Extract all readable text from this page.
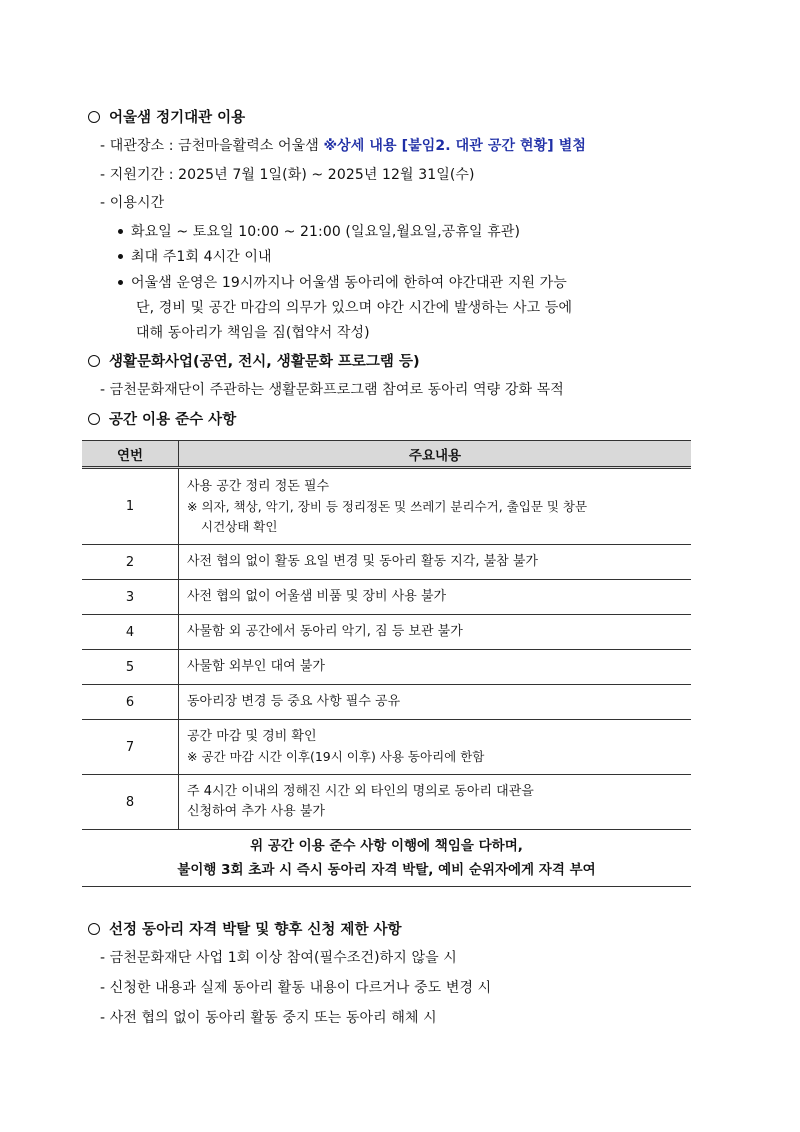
어울샘 정기대관 이용
- 대관장소 : 금천마을활력소 어울샘 ※상세 내용 [붙임2. 대관 공간 현황] 별첨
- 지원기간 : 2025년 7월 1일(화) ~ 2025년 12월 31일(수)
- 이용시간
화요일 ~ 토요일 10:00 ~ 21:00 (일요일,월요일,공휴일 휴관)
최대 주1회 4시간 이내
어울샘 운영은 19시까지나 어울샘 동아리에 한하여 야간대관 지원 가능
단, 경비 및 공간 마감의 의무가 있으며 야간 시간에 발생하는 사고 등에
대해 동아리가 책임을 짐(협약서 작성)
생활문화사업(공연, 전시, 생활문화 프로그램 등)
- 금천문화재단이 주관하는 생활문화프로그램 참여로 동아리 역량 강화 목적
공간 이용 준수 사항
연번	주요내용
1	사용 공간 정리 정돈 필수
※ 의자, 책상, 악기, 장비 등 정리정돈 및 쓰레기 분리수거, 출입문 및 창문
시건상태 확인

2	사전 협의 없이 활동 요일 변경 및 동아리 활동 지각, 불참 불가
3	사전 협의 없이 어울샘 비품 및 장비 사용 불가
4	사물함 외 공간에서 동아리 악기, 짐 등 보관 불가
5	사물함 외부인 대여 불가
6	동아리장 변경 등 중요 사항 필수 공유
7	공간 마감 및 경비 확인
※ 공간 마감 시간 이후(19시 이후) 사용 동아리에 한함

8	주 4시간 이내의 정해진 시간 외 타인의 명의로 동아리 대관을
신청하여 추가 사용 불가

위 공간 이용 준수 사항 이행에 책임을 다하며,
불이행 3회 초과 시 즉시 동아리 자격 박탈, 예비 순위자에게 자격 부여	
선정 동아리 자격 박탈 및 향후 신청 제한 사항
- 금천문화재단 사업 1회 이상 참여(필수조건)하지 않을 시
- 신청한 내용과 실제 동아리 활동 내용이 다르거나 중도 변경 시
- 사전 협의 없이 동아리 활동 중지 또는 동아리 해체 시
